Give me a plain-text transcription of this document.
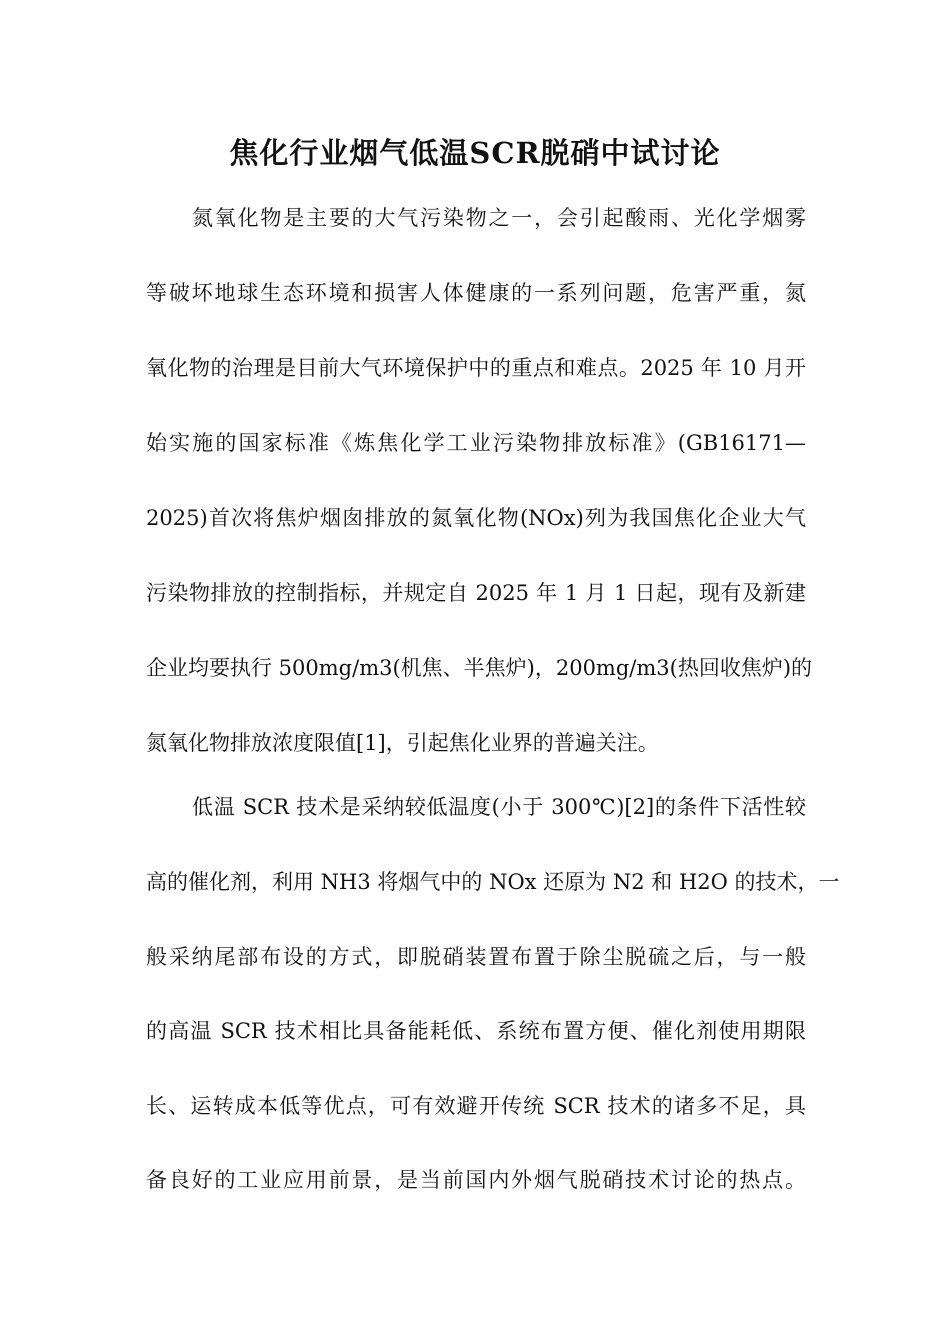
焦化行业烟气低温SCR脱硝中试讨论

氮氧化物是主要的大气污染物之一，会引起酸雨、光化学烟雾

等破坏地球生态环境和损害人体健康的一系列问题，危害严重，氮

氧化物的治理是目前大气环境保护中的重点和难点。2025 年 10 月开

始实施的国家标准《炼焦化学工业污染物排放标准》(GB16171—

2025)首次将焦炉烟囱排放的氮氧化物(NOx)列为我国焦化企业大气

污染物排放的控制指标，并规定自 2025 年 1 月 1 日起，现有及新建

企业均要执行 500mg/m3(机焦、半焦炉)，200mg/m3(热回收焦炉)的

氮氧化物排放浓度限值[1]，引起焦化业界的普遍关注。

低温 SCR 技术是采纳较低温度(小于 300℃)[2]的条件下活性较

高的催化剂，利用 NH3 将烟气中的 NOx 还原为 N2 和 H2O 的技术，一

般采纳尾部布设的方式，即脱硝装置布置于除尘脱硫之后，与一般

的高温 SCR 技术相比具备能耗低、系统布置方便、催化剂使用期限

长、运转成本低等优点，可有效避开传统 SCR 技术的诸多不足，具

备良好的工业应用前景，是当前国内外烟气脱硝技术讨论的热点。
